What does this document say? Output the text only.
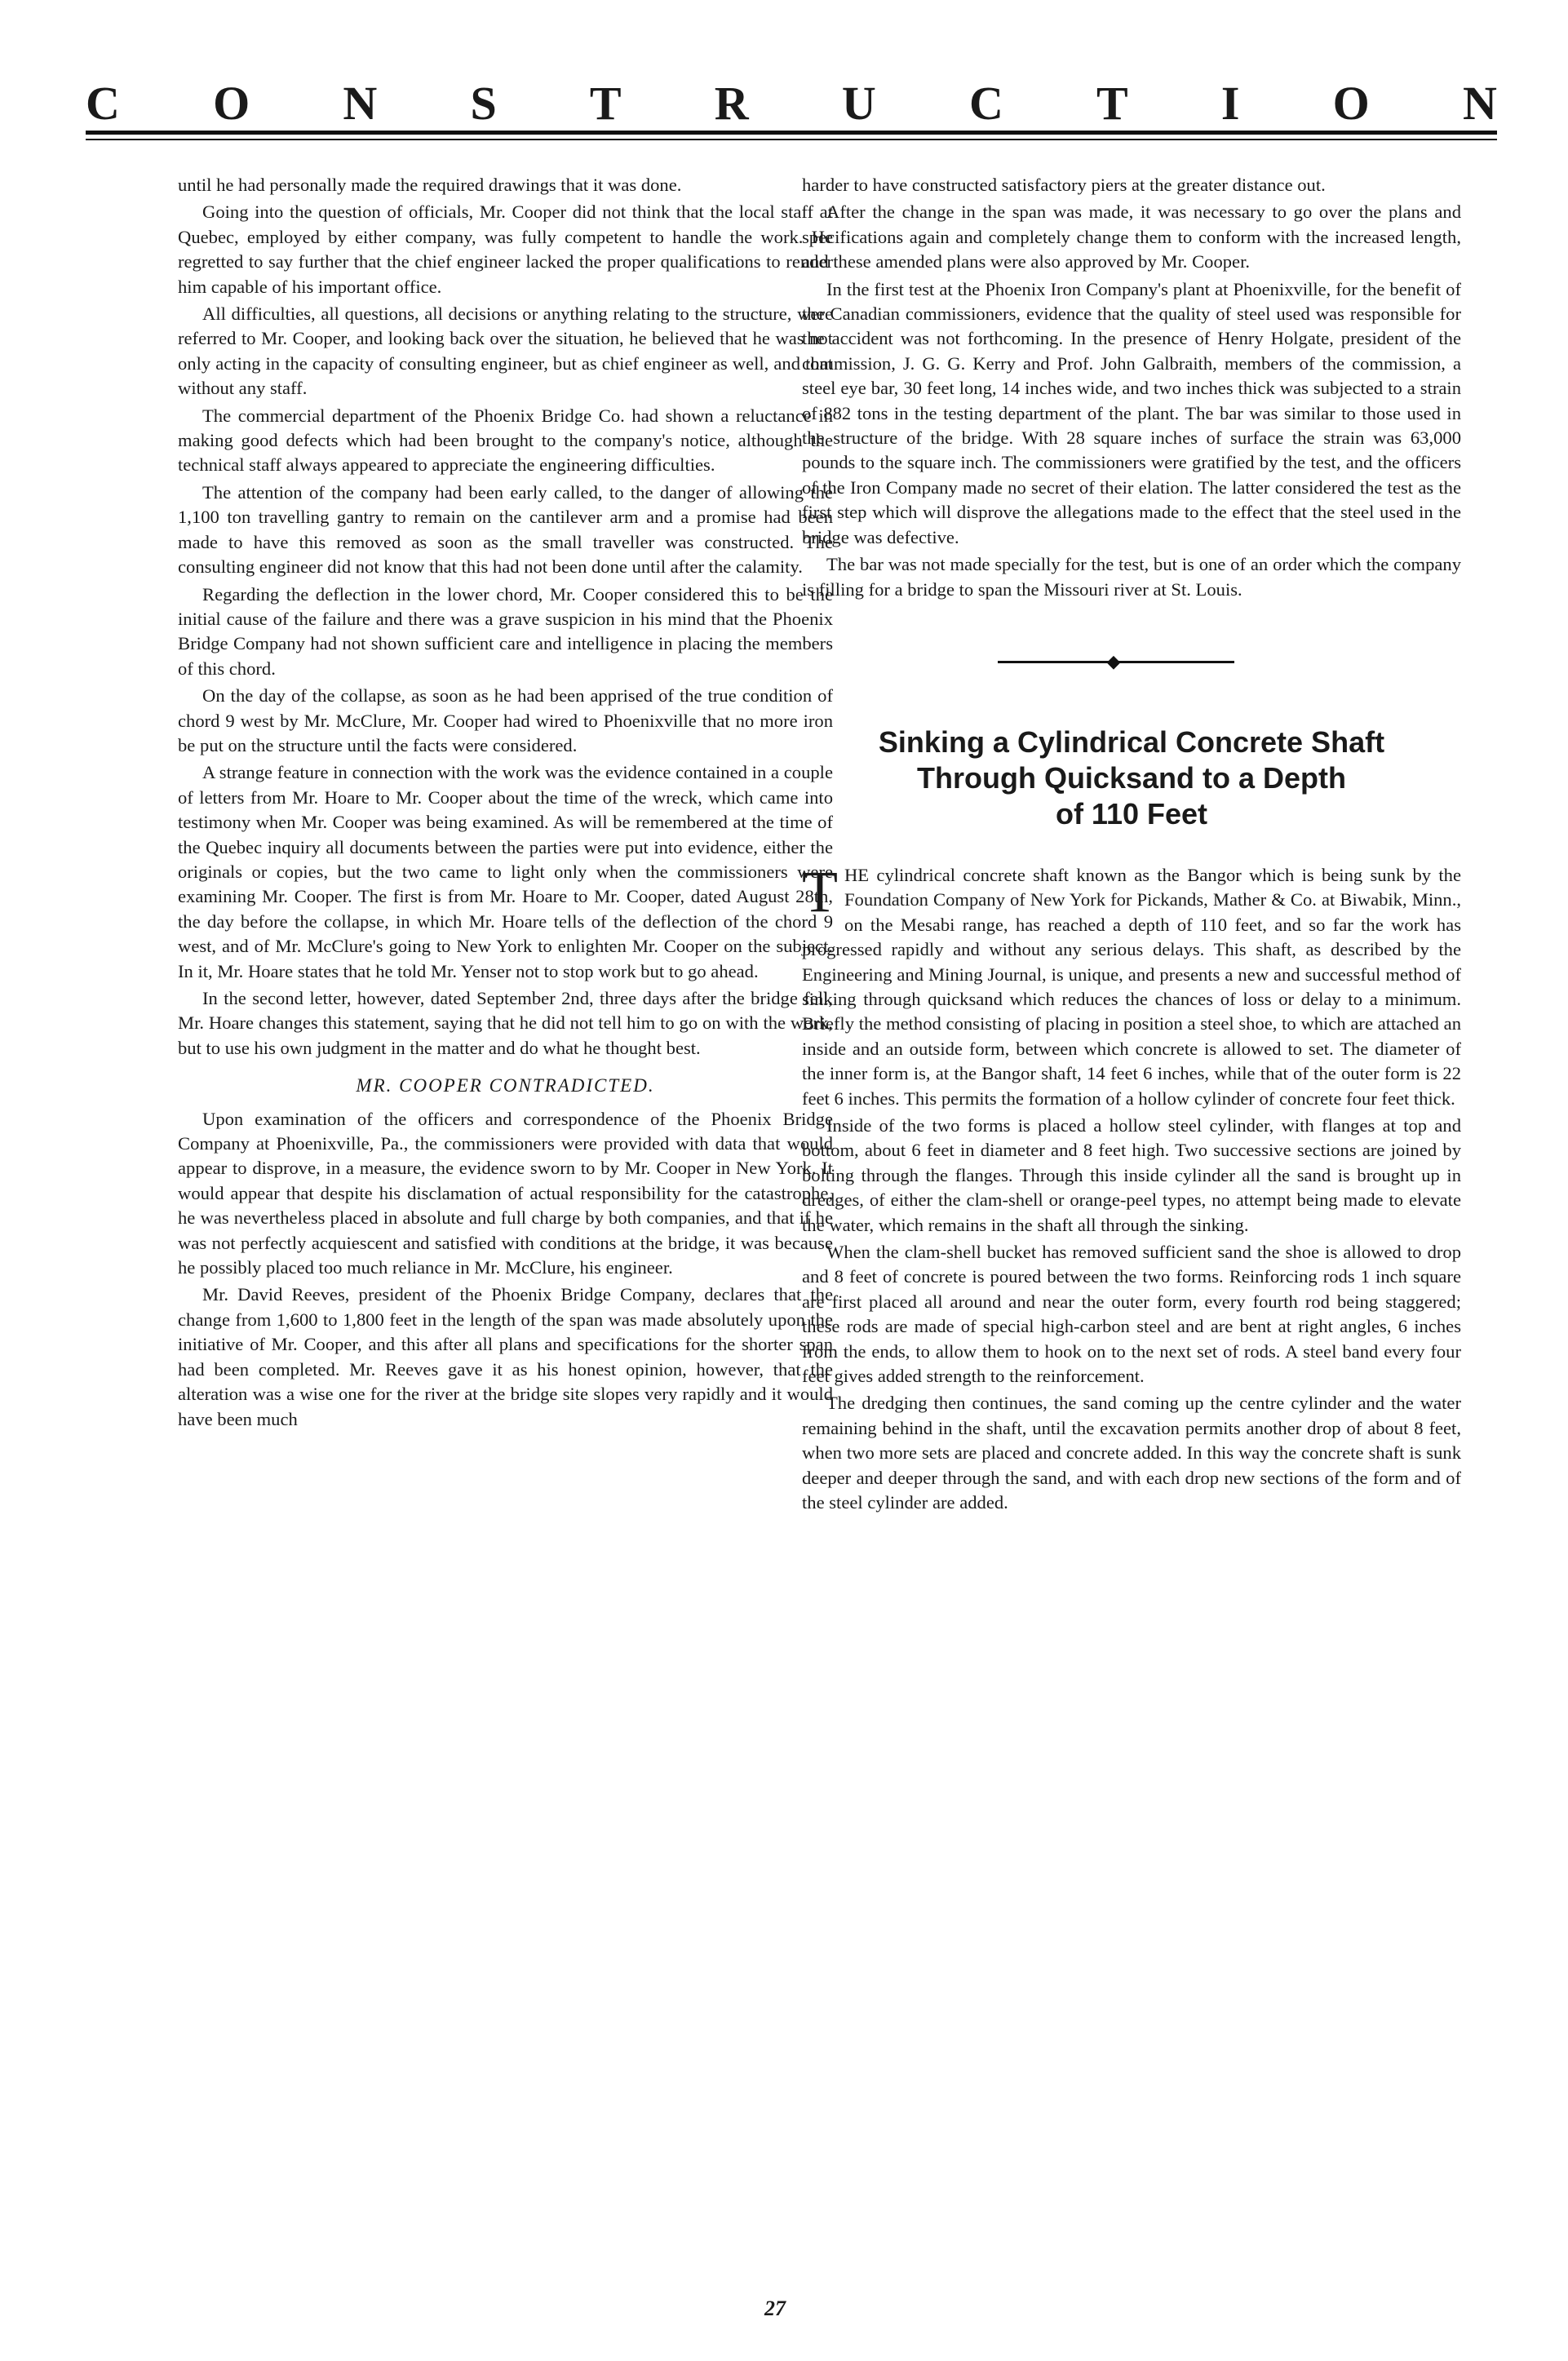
C O N S T R U C T I O N

until he had personally made the required drawings that it was done.

Going into the question of officials, Mr. Cooper did not think that the local staff at Quebec, employed by either company, was fully competent to handle the work. He regretted to say further that the chief engineer lacked the proper qualifications to render him capable of his important office.

All difficulties, all questions, all decisions or anything relating to the structure, were referred to Mr. Cooper, and looking back over the situation, he believed that he was not only acting in the capacity of consulting engineer, but as chief engineer as well, and that without any staff.

The commercial department of the Phoenix Bridge Co. had shown a reluctance in making good defects which had been brought to the company's notice, although the technical staff always appeared to appreciate the engineering difficulties.

The attention of the company had been early called, to the danger of allowing the 1,100 ton travelling gantry to remain on the cantilever arm and a promise had been made to have this removed as soon as the small traveller was constructed. The consulting engineer did not know that this had not been done until after the calamity.

Regarding the deflection in the lower chord, Mr. Cooper considered this to be the initial cause of the failure and there was a grave suspicion in his mind that the Phoenix Bridge Company had not shown sufficient care and intelligence in placing the members of this chord.

On the day of the collapse, as soon as he had been apprised of the true condition of chord 9 west by Mr. McClure, Mr. Cooper had wired to Phoenixville that no more iron be put on the structure until the facts were considered.

A strange feature in connection with the work was the evidence contained in a couple of letters from Mr. Hoare to Mr. Cooper about the time of the wreck, which came into testimony when Mr. Cooper was being examined. As will be remembered at the time of the Quebec inquiry all documents between the parties were put into evidence, either the originals or copies, but the two came to light only when the commissioners were examining Mr. Cooper. The first is from Mr. Hoare to Mr. Cooper, dated August 28th, the day before the collapse, in which Mr. Hoare tells of the deflection of the chord 9 west, and of Mr. McClure's going to New York to enlighten Mr. Cooper on the subject. In it, Mr. Hoare states that he told Mr. Yenser not to stop work but to go ahead.

In the second letter, however, dated September 2nd, three days after the bridge fell, Mr. Hoare changes this statement, saying that he did not tell him to go on with the work, but to use his own judgment in the matter and do what he thought best.

MR. COOPER CONTRADICTED.

Upon examination of the officers and correspondence of the Phoenix Bridge Company at Phoenixville, Pa., the commissioners were provided with data that would appear to disprove, in a measure, the evidence sworn to by Mr. Cooper in New York. It would appear that despite his disclamation of actual responsibility for the catastrophe, he was nevertheless placed in absolute and full charge by both companies, and that if he was not perfectly acquiescent and satisfied with conditions at the bridge, it was because he possibly placed too much reliance in Mr. McClure, his engineer.

Mr. David Reeves, president of the Phoenix Bridge Company, declares that the change from 1,600 to 1,800 feet in the length of the span was made absolutely upon the initiative of Mr. Cooper, and this after all plans and specifications for the shorter span had been completed. Mr. Reeves gave it as his honest opinion, however, that the alteration was a wise one for the river at the bridge site slopes very rapidly and it would have been much

harder to have constructed satisfactory piers at the greater distance out.

After the change in the span was made, it was necessary to go over the plans and specifications again and completely change them to conform with the increased length, and these amended plans were also approved by Mr. Cooper.

In the first test at the Phoenix Iron Company's plant at Phoenixville, for the benefit of the Canadian commissioners, evidence that the quality of steel used was responsible for the accident was not forthcoming. In the presence of Henry Holgate, president of the commission, J. G. G. Kerry and Prof. John Galbraith, members of the commission, a steel eye bar, 30 feet long, 14 inches wide, and two inches thick was subjected to a strain of 882 tons in the testing department of the plant. The bar was similar to those used in the structure of the bridge. With 28 square inches of surface the strain was 63,000 pounds to the square inch. The commissioners were gratified by the test, and the officers of the Iron Company made no secret of their elation. The latter considered the test as the first step which will disprove the allegations made to the effect that the steel used in the bridge was defective.

The bar was not made specially for the test, but is one of an order which the company is filling for a bridge to span the Missouri river at St. Louis.

◆
Sinking a Cylindrical Concrete Shaft
Through Quicksand to a Depth
of 110 Feet

THE cylindrical concrete shaft known as the Bangor which is being sunk by the Foundation Company of New York for Pickands, Mather & Co. at Biwabik, Minn., on the Mesabi range, has reached a depth of 110 feet, and so far the work has progressed rapidly and without any serious delays. This shaft, as described by the Engineering and Mining Journal, is unique, and presents a new and successful method of sinking through quicksand which reduces the chances of loss or delay to a minimum. Briefly the method consisting of placing in position a steel shoe, to which are attached an inside and an outside form, between which concrete is allowed to set. The diameter of the inner form is, at the Bangor shaft, 14 feet 6 inches, while that of the outer form is 22 feet 6 inches. This permits the formation of a hollow cylinder of concrete four feet thick.

Inside of the two forms is placed a hollow steel cylinder, with flanges at top and bottom, about 6 feet in diameter and 8 feet high. Two successive sections are joined by bolting through the flanges. Through this inside cylinder all the sand is brought up in dredges, of either the clam-shell or orange-peel types, no attempt being made to elevate the water, which remains in the shaft all through the sinking.

When the clam-shell bucket has removed sufficient sand the shoe is allowed to drop and 8 feet of concrete is poured between the two forms. Reinforcing rods 1 inch square are first placed all around and near the outer form, every fourth rod being staggered; these rods are made of special high-carbon steel and are bent at right angles, 6 inches from the ends, to allow them to hook on to the next set of rods. A steel band every four feet gives added strength to the reinforcement.

The dredging then continues, the sand coming up the centre cylinder and the water remaining behind in the shaft, until the excavation permits another drop of about 8 feet, when two more sets are placed and concrete added. In this way the concrete shaft is sunk deeper and deeper through the sand, and with each drop new sections of the form and of the steel cylinder are added.

27
